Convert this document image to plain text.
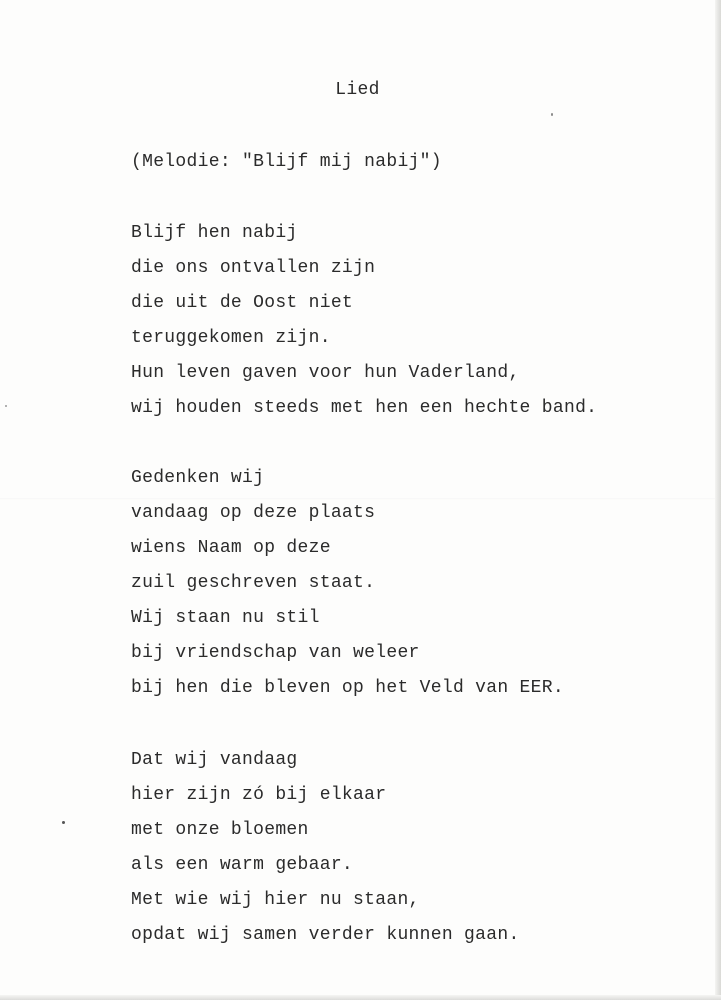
Lied
(Melodie: "Blijf mij nabij")
Blijf hen nabij
die ons ontvallen zijn
die uit de Oost niet
teruggekomen zijn.
Hun leven gaven voor hun Vaderland,
wij houden steeds met hen een hechte band.
Gedenken wij
vandaag op deze plaats
wiens Naam op deze
zuil geschreven staat.
Wij staan nu stil
bij vriendschap van weleer
bij hen die bleven op het Veld van EER.
Dat wij vandaag
hier zijn zó bij elkaar
met onze bloemen
als een warm gebaar.
Met wie wij hier nu staan,
opdat wij samen verder kunnen gaan.
